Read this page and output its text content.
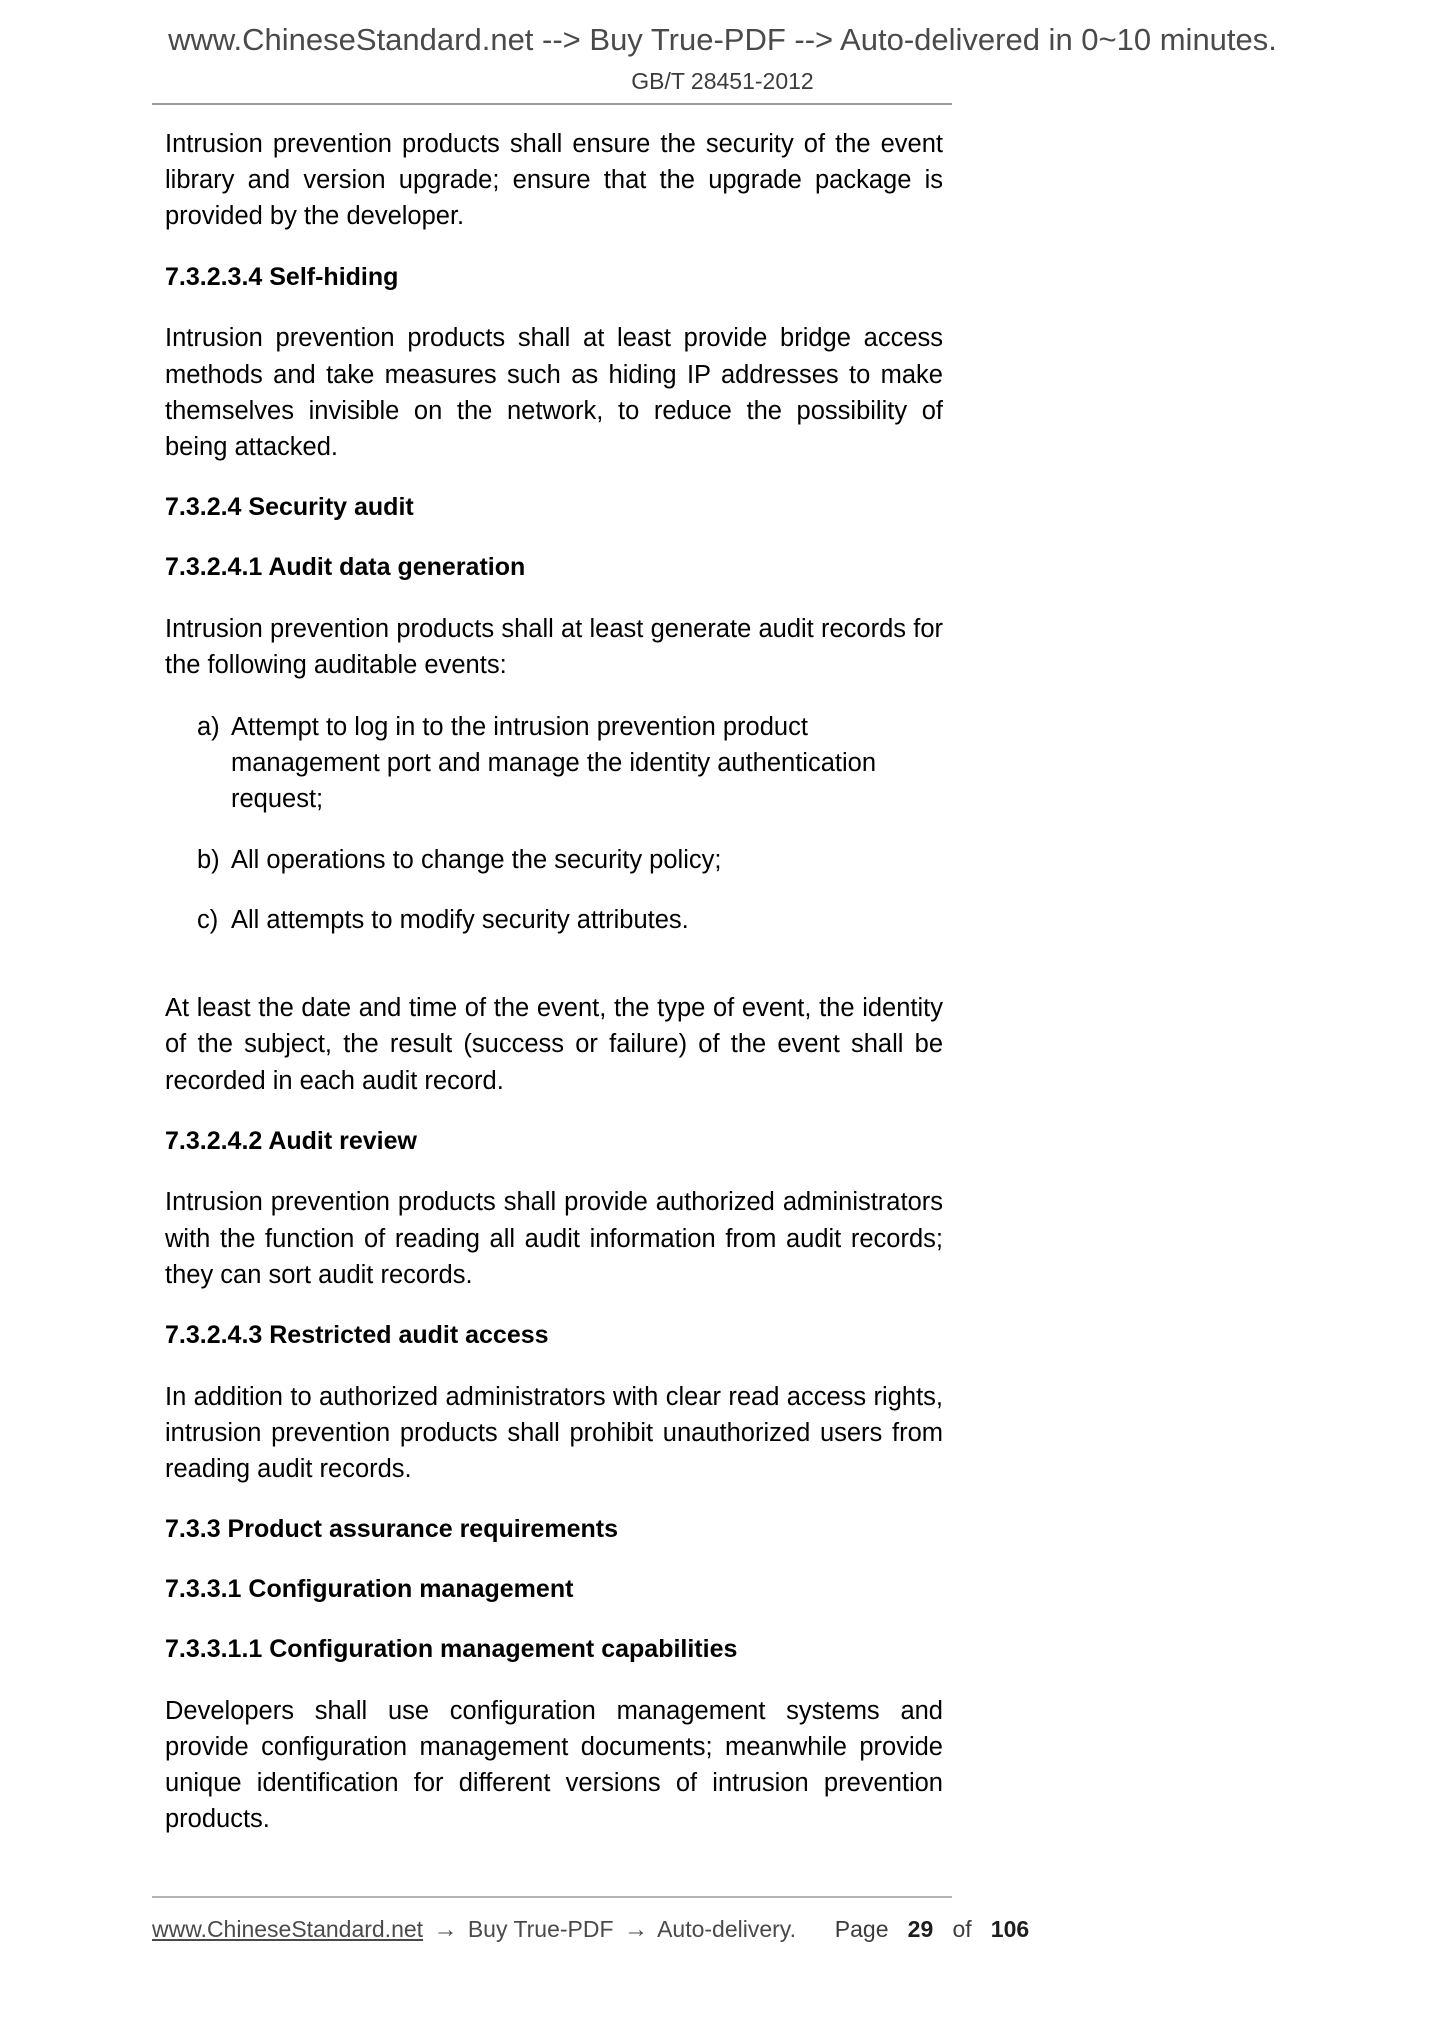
www.ChineseStandard.net --> Buy True-PDF --> Auto-delivered in 0~10 minutes.
GB/T 28451-2012

Intrusion prevention products shall ensure the security of the event library and version upgrade; ensure that the upgrade package is provided by the developer.

7.3.2.3.4 Self-hiding

Intrusion prevention products shall at least provide bridge access methods and take measures such as hiding IP addresses to make themselves invisible on the network, to reduce the possibility of being attacked.

7.3.2.4 Security audit
7.3.2.4.1 Audit data generation

Intrusion prevention products shall at least generate audit records for the following auditable events:

a) Attempt to log in to the intrusion prevention product management port and manage the identity authentication request;
b) All operations to change the security policy;
c) All attempts to modify security attributes.

At least the date and time of the event, the type of event, the identity of the subject, the result (success or failure) of the event shall be recorded in each audit record.

7.3.2.4.2 Audit review

Intrusion prevention products shall provide authorized administrators with the function of reading all audit information from audit records; they can sort audit records.

7.3.2.4.3 Restricted audit access

In addition to authorized administrators with clear read access rights, intrusion prevention products shall prohibit unauthorized users from reading audit records.

7.3.3 Product assurance requirements
7.3.3.1 Configuration management
7.3.3.1.1 Configuration management capabilities

Developers shall use configuration management systems and provide configuration management documents; meanwhile provide unique identification for different versions of intrusion prevention products.

www.ChineseStandard.net → Buy True-PDF → Auto-delivery. Page 29 of 106
